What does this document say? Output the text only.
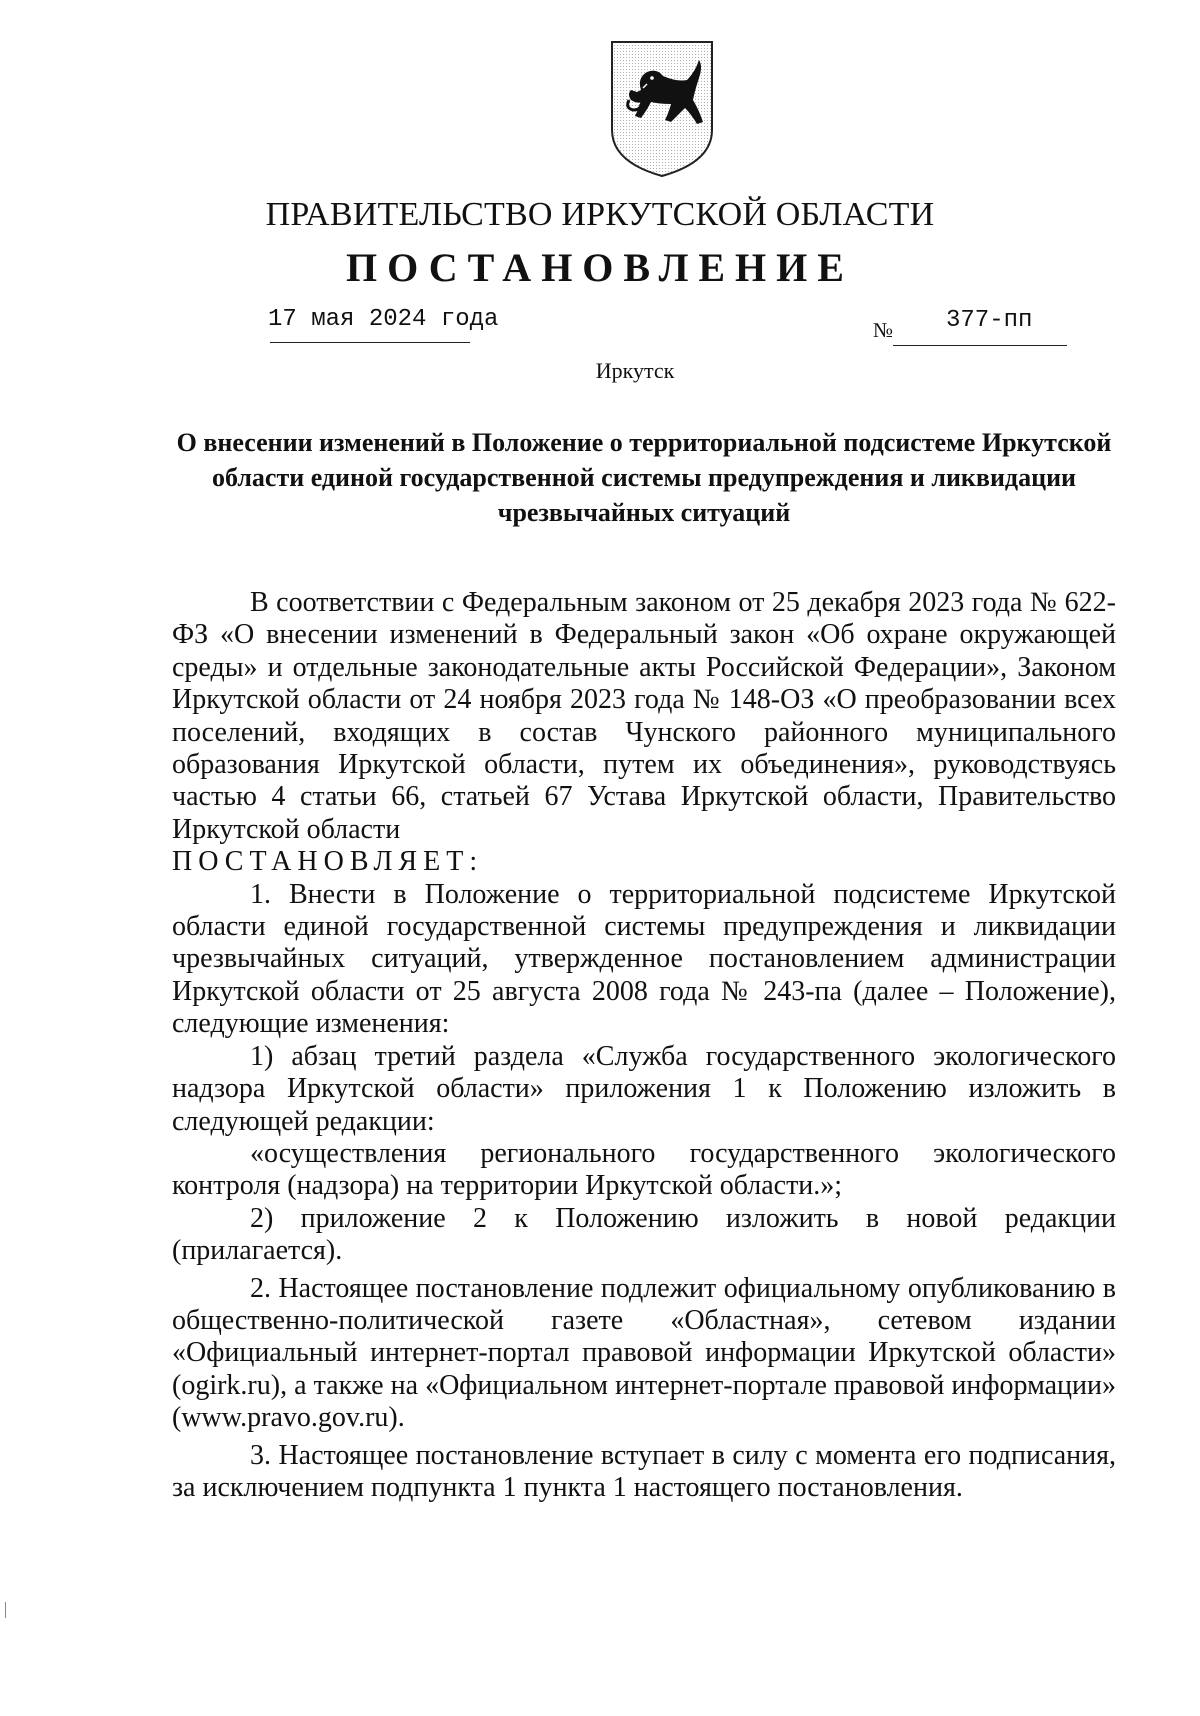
ПРАВИТЕЛЬСТВО ИРКУТСКОЙ ОБЛАСТИ
ПОСТАНОВЛЕНИЕ
17 мая 2024 года	№ 377-пп
Иркутск
О внесении изменений в Положение о территориальной подсистеме Иркутской области единой государственной системы предупреждения и ликвидации чрезвычайных ситуаций

В соответствии с Федеральным законом от 25 декабря 2023 года № 622-ФЗ «О внесении изменений в Федеральный закон «Об охране окружающей среды» и отдельные законодательные акты Российской Федерации», Законом Иркутской области от 24 ноября 2023 года № 148-ОЗ «О преобразовании всех поселений, входящих в состав Чунского районного муниципального образования Иркутской области, путем их объединения», руководствуясь частью 4 статьи 66, статьей 67 Устава Иркутской области, Правительство Иркутской области

ПОСТАНОВЛЯЕТ:

1. Внести в Положение о территориальной подсистеме Иркутской области единой государственной системы предупреждения и ликвидации чрезвычайных ситуаций, утвержденное постановлением администрации Иркутской области от 25 августа 2008 года № 243-па (далее – Положение), следующие изменения:

1) абзац третий раздела «Служба государственного экологического надзора Иркутской области» приложения 1 к Положению изложить в следующей редакции:

«осуществления регионального государственного экологического контроля (надзора) на территории Иркутской области.»;

2) приложение 2 к Положению изложить в новой редакции (прилагается).

2. Настоящее постановление подлежит официальному опубликованию в общественно-политической газете «Областная», сетевом издании «Официальный интернет-портал правовой информации Иркутской области» (ogirk.ru), а также на «Официальном интернет-портале правовой информации» (www.pravo.gov.ru).

3. Настоящее постановление вступает в силу с момента его подписания, за исключением подпункта 1 пункта 1 настоящего постановления.
